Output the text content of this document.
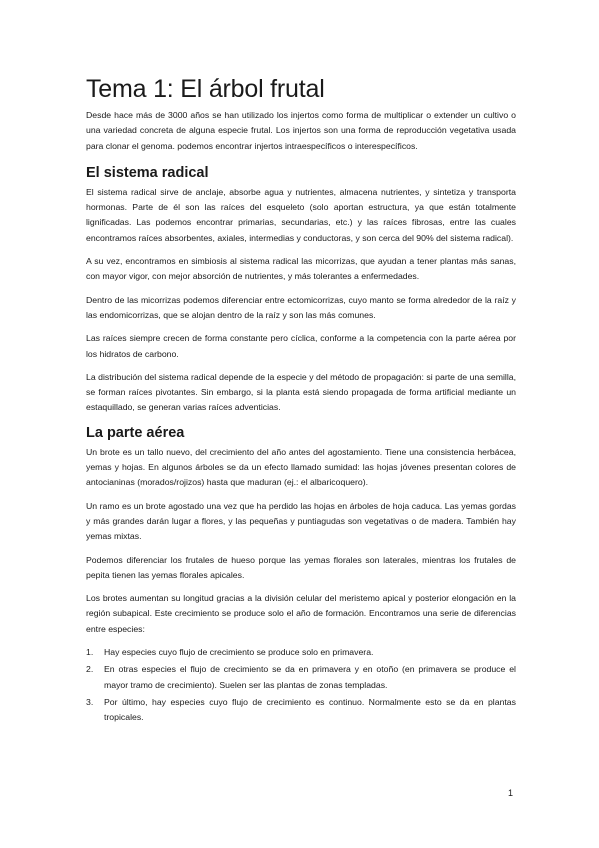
Tema 1: El árbol frutal

Desde hace más de 3000 años se han utilizado los injertos como forma de multiplicar o extender un cultivo o una variedad concreta de alguna especie frutal. Los injertos son una forma de reproducción vegetativa usada para clonar el genoma. podemos encontrar injertos intraespecíficos o interespecíficos.

El sistema radical

El sistema radical sirve de anclaje, absorbe agua y nutrientes, almacena nutrientes, y sintetiza y transporta hormonas. Parte de él son las raíces del esqueleto (solo aportan estructura, ya que están totalmente lignificadas. Las podemos encontrar primarias, secundarias, etc.) y las raíces fibrosas, entre las cuales encontramos raíces absorbentes, axiales, intermedias y conductoras, y son cerca del 90% del sistema radical).

A su vez, encontramos en simbiosis al sistema radical las micorrizas, que ayudan a tener plantas más sanas, con mayor vigor, con mejor absorción de nutrientes, y más tolerantes a enfermedades.

Dentro de las micorrizas podemos diferenciar entre ectomicorrizas, cuyo manto se forma alrededor de la raíz y las endomicorrizas, que se alojan dentro de la raíz y son las más comunes.

Las raíces siempre crecen de forma constante pero cíclica, conforme a la competencia con la parte aérea por los hidratos de carbono.

La distribución del sistema radical depende de la especie y del método de propagación: si parte de una semilla, se forman raíces pivotantes. Sin embargo, si la planta está siendo propagada de forma artificial mediante un estaquillado, se generan varias raíces adventicias.

La parte aérea

Un brote es un tallo nuevo, del crecimiento del año antes del agostamiento. Tiene una consistencia herbácea, yemas y hojas. En algunos árboles se da un efecto llamado sumidad: las hojas jóvenes presentan colores de antocianinas (morados/rojizos) hasta que maduran (ej.: el albaricoquero).

Un ramo es un brote agostado una vez que ha perdido las hojas en árboles de hoja caduca. Las yemas gordas y más grandes darán lugar a flores, y las pequeñas y puntiagudas son vegetativas o de madera. También hay yemas mixtas.

Podemos diferenciar los frutales de hueso porque las yemas florales son laterales, mientras los frutales de pepita tienen las yemas florales apicales.

Los brotes aumentan su longitud gracias a la división celular del meristemo apical y posterior elongación en la región subapical. Este crecimiento se produce solo el año de formación. Encontramos una serie de diferencias entre especies:

1. Hay especies cuyo flujo de crecimiento se produce solo en primavera.
2. En otras especies el flujo de crecimiento se da en primavera y en otoño (en primavera se produce el mayor tramo de crecimiento). Suelen ser las plantas de zonas templadas.
3. Por último, hay especies cuyo flujo de crecimiento es continuo. Normalmente esto se da en plantas tropicales.
1
